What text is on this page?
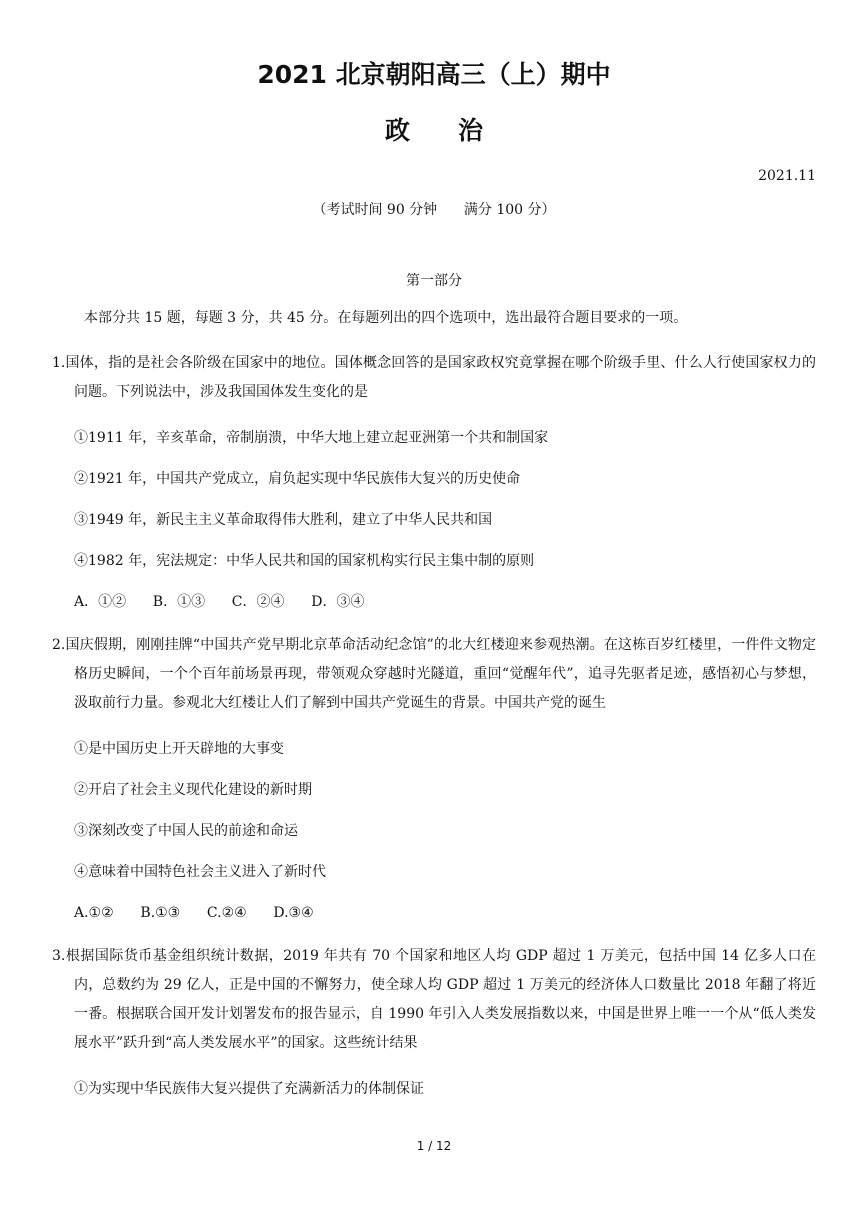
2021 北京朝阳高三（上）期中
政治
2021.11
（考试时间 90 分钟      满分 100 分）
第一部分
本部分共 15 题，每题 3 分，共 45 分。在每题列出的四个选项中，选出最符合题目要求的一项。

1.国体，指的是社会各阶级在国家中的地位。国体概念回答的是国家政权究竟掌握在哪个阶级手里、什么人行使国家权力的问题。下列说法中，涉及我国国体发生变化的是

①1911 年，辛亥革命，帝制崩溃，中华大地上建立起亚洲第一个共和制国家

②1921 年，中国共产党成立，肩负起实现中华民族伟大复兴的历史使命

③1949 年，新民主主义革命取得伟大胜利，建立了中华人民共和国

④1982 年，宪法规定：中华人民共和国的国家机构实行民主集中制的原则

A．①②      B．①③      C．②④      D．③④

2.国庆假期，刚刚挂牌“中国共产党早期北京革命活动纪念馆”的北大红楼迎来参观热潮。在这栋百岁红楼里，一件件文物定格历史瞬间，一个个百年前场景再现，带领观众穿越时光隧道，重回“觉醒年代”，追寻先驱者足迹，感悟初心与梦想，汲取前行力量。参观北大红楼让人们了解到中国共产党诞生的背景。中国共产党的诞生

①是中国历史上开天辟地的大事变

②开启了社会主义现代化建设的新时期

③深刻改变了中国人民的前途和命运

④意味着中国特色社会主义进入了新时代

A.①②      B.①③      C.②④      D.③④

3.根据国际货币基金组织统计数据，2019 年共有 70 个国家和地区人均 GDP 超过 1 万美元，包括中国 14 亿多人口在内，总数约为 29 亿人，正是中国的不懈努力，使全球人均 GDP 超过 1 万美元的经济体人口数量比 2018 年翻了将近一番。根据联合国开发计划署发布的报告显示，自 1990 年引入人类发展指数以来，中国是世界上唯一一个从“低人类发展水平”跃升到“高人类发展水平”的国家。这些统计结果

①为实现中华民族伟大复兴提供了充满新活力的体制保证

1 / 12
